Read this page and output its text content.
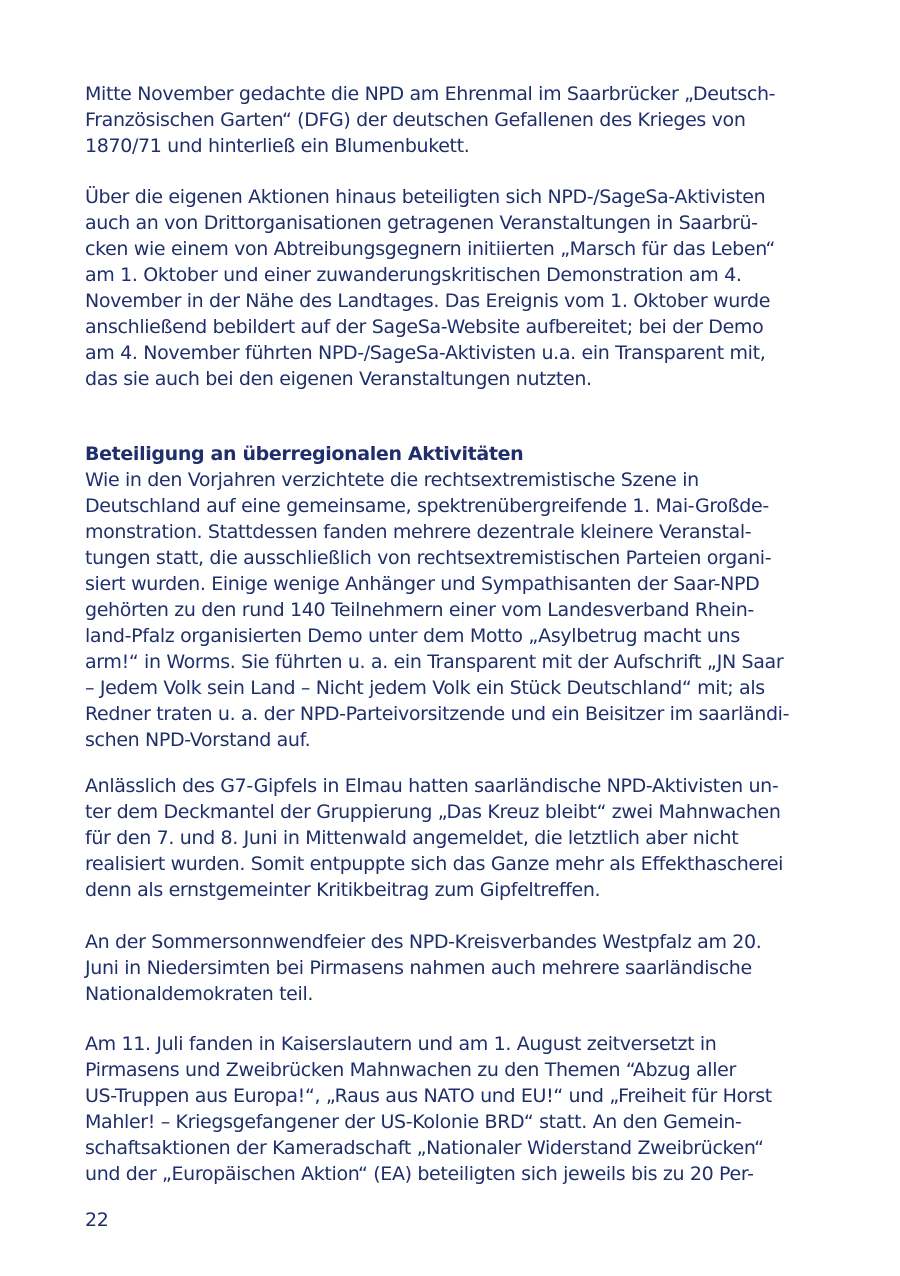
Mitte November gedachte die NPD am Ehrenmal im Saarbrücker „Deutsch-
Französischen Garten“ (DFG) der deutschen Gefallenen des Krieges von
1870/71 und hinterließ ein Blumenbukett.
Über die eigenen Aktionen hinaus beteiligten sich NPD-/SageSa-Aktivisten
auch an von Drittorganisationen getragenen Veranstaltungen in Saarbrü-
cken wie einem von Abtreibungsgegnern initiierten „Marsch für das Leben“
am 1. Oktober und einer zuwanderungskritischen Demonstration am 4.
November in der Nähe des Landtages. Das Ereignis vom 1. Oktober wurde
anschließend bebildert auf der SageSa-Website aufbereitet; bei der Demo
am 4. November führten NPD-/SageSa-Aktivisten u.a. ein Transparent mit,
das sie auch bei den eigenen Veranstaltungen nutzten.
Beteiligung an überregionalen Aktivitäten
Wie in den Vorjahren verzichtete die rechtsextremistische Szene in
Deutschland auf eine gemeinsame, spektrenübergreifende 1. Mai-Großde-
monstration. Stattdessen fanden mehrere dezentrale kleinere Veranstal-
tungen statt, die ausschließlich von rechtsextremistischen Parteien organi-
siert wurden. Einige wenige Anhänger und Sympathisanten der Saar-NPD
gehörten zu den rund 140 Teilnehmern einer vom Landesverband Rhein-
land-Pfalz organisierten Demo unter dem Motto „Asylbetrug macht uns
arm!“ in Worms. Sie führten u. a. ein Transparent mit der Aufschrift „JN Saar
– Jedem Volk sein Land – Nicht jedem Volk ein Stück Deutschland“ mit; als
Redner traten u. a. der NPD-Parteivorsitzende und ein Beisitzer im saarländi-
schen NPD-Vorstand auf.
Anlässlich des G7-Gipfels in Elmau hatten saarländische NPD-Aktivisten un-
ter dem Deckmantel der Gruppierung „Das Kreuz bleibt“ zwei Mahnwachen
für den 7. und 8. Juni in Mittenwald angemeldet, die letztlich aber nicht
realisiert wurden. Somit entpuppte sich das Ganze mehr als Effekthascherei
denn als ernstgemeinter Kritikbeitrag zum Gipfeltreffen.
An der Sommersonnwendfeier des NPD-Kreisverbandes Westpfalz am 20.
Juni in Niedersimten bei Pirmasens nahmen auch mehrere saarländische
Nationaldemokraten teil.
Am 11. Juli fanden in Kaiserslautern und am 1. August zeitversetzt in
Pirmasens und Zweibrücken Mahnwachen zu den Themen “Abzug aller
US-Truppen aus Europa!“, „Raus aus NATO und EU!“ und „Freiheit für Horst
Mahler! – Kriegsgefangener der US-Kolonie BRD“ statt. An den Gemein-
schaftsaktionen der Kameradschaft „Nationaler Widerstand Zweibrücken“
und der „Europäischen Aktion“ (EA) beteiligten sich jeweils bis zu 20 Per-
22
